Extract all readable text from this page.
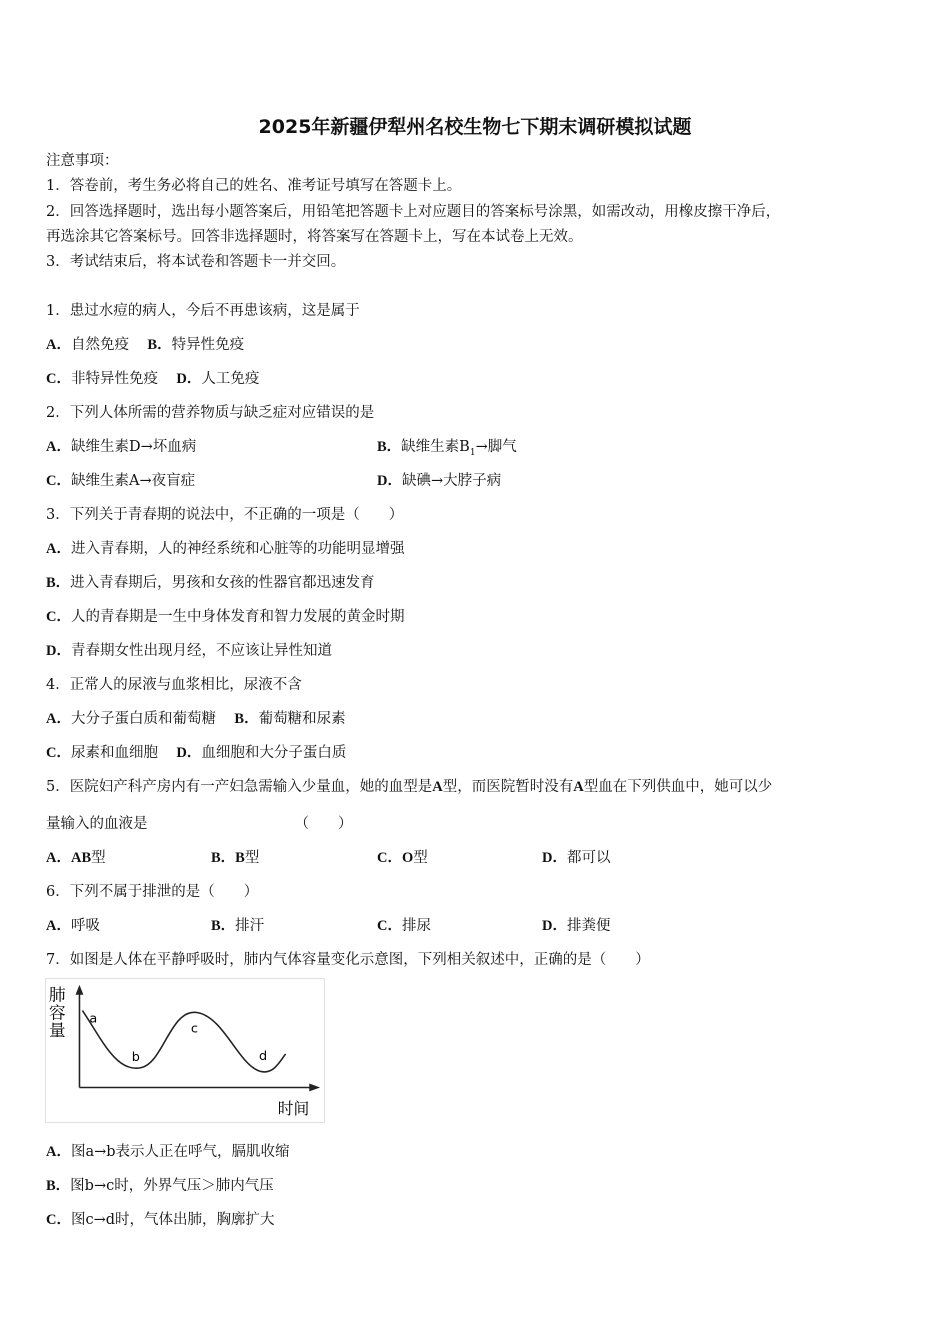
2025年新疆伊犁州名校生物七下期末调研模拟试题
注意事项：
1．答卷前，考生务必将自己的姓名、准考证号填写在答题卡上。
2．回答选择题时，选出每小题答案后，用铅笔把答题卡上对应题目的答案标号涂黑，如需改动，用橡皮擦干净后，
再选涂其它答案标号。回答非选择题时，将答案写在答题卡上，写在本试卷上无效。
3．考试结束后，将本试卷和答题卡一并交回。
1．患过水痘的病人，今后不再患该病，这是属于
A．自然免疫 B．特异性免疫
C．非特异性免疫 D．人工免疫
2．下列人体所需的营养物质与缺乏症对应错误的是
A．缺维生素D→坏血病	B．缺维生素$B_1\to$脚气
C．缺维生素A→夜盲症	D．缺碘→大脖子病
3．下列关于青春期的说法中，不正确的一项是（　　）
A．进入青春期，人的神经系统和心脏等的功能明显增强
B．进入青春期后，男孩和女孩的性器官都迅速发育
C．人的青春期是一生中身体发育和智力发展的黄金时期
D．青春期女性出现月经，不应该让异性知道
4．正常人的尿液与血浆相比，尿液不含
A．大分子蛋白质和葡萄糖 B．葡萄糖和尿素
C．尿素和血细胞 D．血细胞和大分子蛋白质
5．医院妇产科产房内有一产妇急需输入少量血，她的血型是A型，而医院暂时没有A型血在下列供血中，她可以少
量输入的血液是	（　　）
A．AB型	B．B型	C．O型	D．都可以
6．下列不属于排泄的是（　　）
A．呼吸	B．排汗	C．排尿	D．排粪便
7．如图是人体在平静呼吸时，肺内气体容量变化示意图，下列相关叙述中，正确的是（　　）
肺
容
量
时间
a
b
c
d
A．图a→b表示人正在呼气，膈肌收缩
B．图b→c时，外界气压＞肺内气压
C．图c→d时，气体出肺，胸廓扩大
